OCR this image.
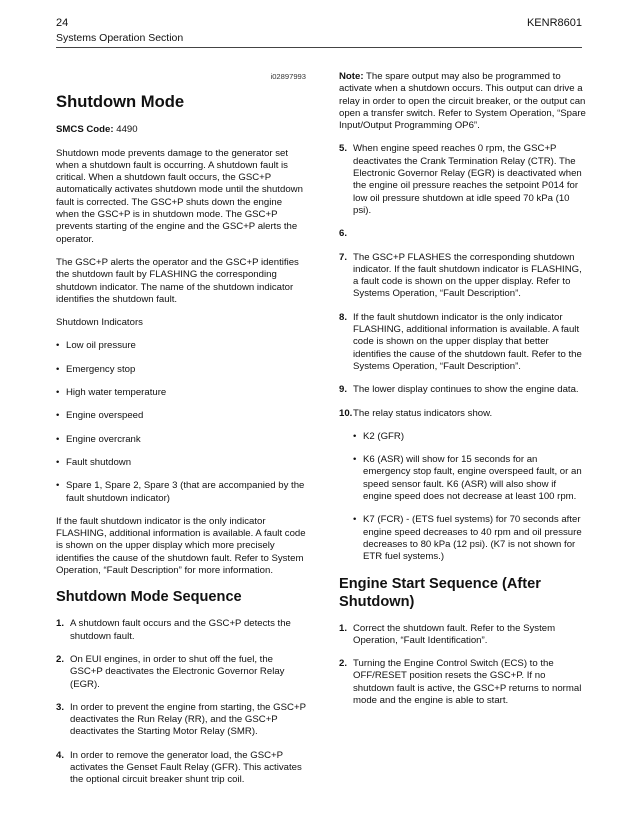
24
Systems Operation Section
KENR8601
i02897993
Shutdown Mode

SMCS Code: 4490

Shutdown mode prevents damage to the generator set when a shutdown fault is occurring. A shutdown fault is critical. When a shutdown fault occurs, the GSC+P automatically activates shutdown mode until the shutdown fault is corrected. The GSC+P shuts down the engine when the GSC+P is in shutdown mode. The GSC+P prevents starting of the engine and the GSC+P alerts the operator.

The GSC+P alerts the operator and the GSC+P identifies the shutdown fault by FLASHING the corresponding shutdown indicator. The name of the shutdown indicator identifies the shutdown fault.

Shutdown Indicators

• Low oil pressure
• Emergency stop
• High water temperature
• Engine overspeed
• Engine overcrank
• Fault shutdown
• Spare 1, Spare 2, Spare 3 (that are accompanied by the fault shutdown indicator)

If the fault shutdown indicator is the only indicator FLASHING, additional information is available. A fault code is shown on the upper display which more precisely identifies the cause of the shutdown fault. Refer to System Operation, “Fault Description” for more information.

Shutdown Mode Sequence
1. A shutdown fault occurs and the GSC+P detects the shutdown fault.
2. On EUI engines, in order to shut off the fuel, the GSC+P deactivates the Electronic Governor Relay (EGR).
3. In order to prevent the engine from starting, the GSC+P deactivates the Run Relay (RR), and the GSC+P deactivates the Starting Motor Relay (SMR).
4. In order to remove the generator load, the GSC+P activates the Genset Fault Relay (GFR). This activates the optional circuit breaker shunt trip coil.

Note: The spare output may also be programmed to activate when a shutdown occurs. This output can drive a relay in order to open the circuit breaker, or the output can open a transfer switch. Refer to System Operation, “Spare Input/Output Programming OP6”.

5. When engine speed reaches 0 rpm, the GSC+P deactivates the Crank Termination Relay (CTR). The Electronic Governor Relay (EGR) is deactivated when the engine oil pressure reaches the setpoint P014 for low oil pressure shutdown at idle speed 70 kPa (10 psi).
6.

7. The GSC+P FLASHES the corresponding shutdown indicator. If the fault shutdown indicator is FLASHING, a fault code is shown on the upper display. Refer to Systems Operation, “Fault Description”.
8. If the fault shutdown indicator is the only indicator FLASHING, additional information is available. A fault code is shown on the upper display that better identifies the cause of the shutdown fault. Refer to the Systems Operation, “Fault Description”.
9. The lower display continues to show the engine data.
10. The relay status indicators show.
• K2 (GFR)
• K6 (ASR) will show for 15 seconds for an emergency stop fault, engine overspeed fault, or an speed sensor fault. K6 (ASR) will also show if engine speed does not decrease at least 100 rpm.
• K7 (FCR) - (ETS fuel systems) for 70 seconds after engine speed decreases to 40 rpm and oil pressure decreases to 80 kPa (12 psi). (K7 is not shown for ETR fuel systems.)
Engine Start Sequence (After Shutdown)
1. Correct the shutdown fault. Refer to the System Operation, “Fault Identification”.
2. Turning the Engine Control Switch (ECS) to the OFF/RESET position resets the GSC+P. If no shutdown fault is active, the GSC+P returns to normal mode and the engine is able to start.
